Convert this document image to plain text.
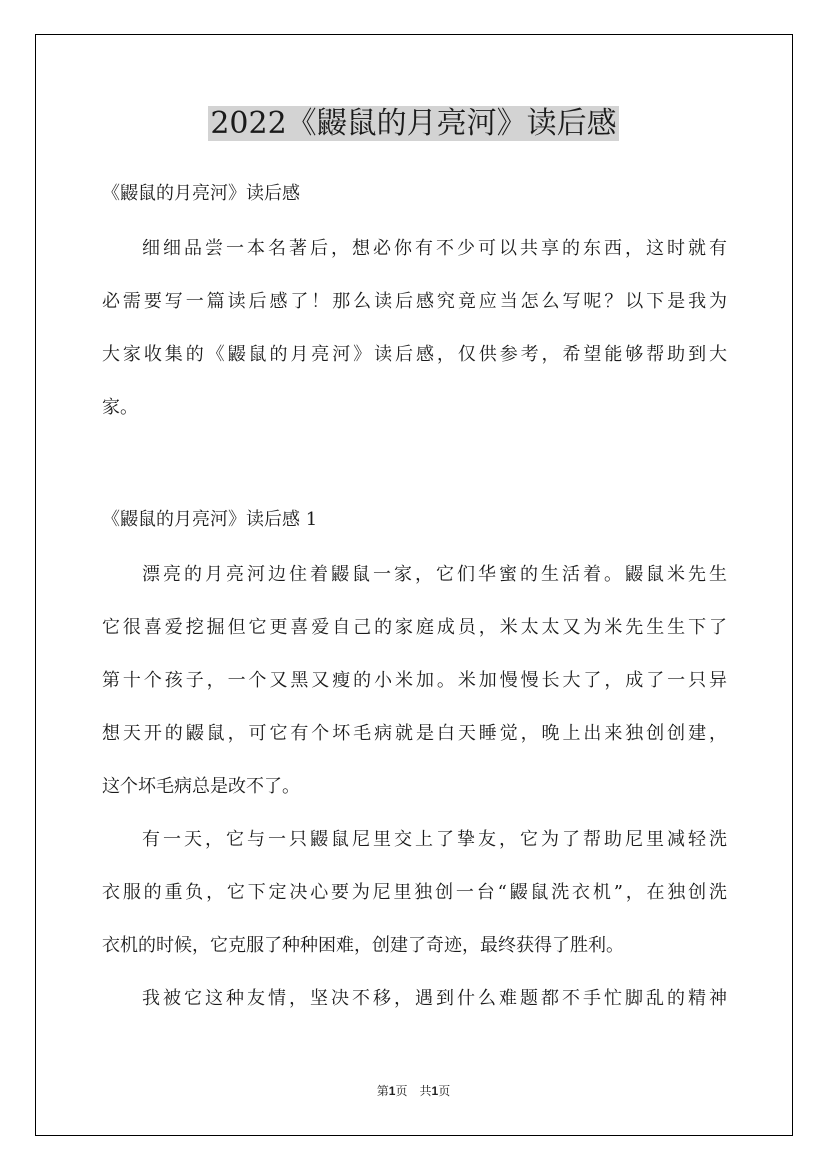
2022《鼹鼠的月亮河》读后感
《鼹鼠的月亮河》读后感
细细品尝一本名著后，想必你有不少可以共享的东西，这时就有
必需要写一篇读后感了！那么读后感究竟应当怎么写呢？以下是我为
大家收集的《鼹鼠的月亮河》读后感，仅供参考，希望能够帮助到大
家。
《鼹鼠的月亮河》读后感 1
漂亮的月亮河边住着鼹鼠一家，它们华蜜的生活着。鼹鼠米先生
它很喜爱挖掘但它更喜爱自己的家庭成员，米太太又为米先生生下了
第十个孩子，一个又黑又瘦的小米加。米加慢慢长大了，成了一只异
想天开的鼹鼠，可它有个坏毛病就是白天睡觉，晚上出来独创创建，
这个坏毛病总是改不了。
有一天，它与一只鼹鼠尼里交上了挚友，它为了帮助尼里减轻洗
衣服的重负，它下定决心要为尼里独创一台“鼹鼠洗衣机”，在独创洗
衣机的时候，它克服了种种困难，创建了奇迹，最终获得了胜利。
我被它这种友情，坚决不移，遇到什么难题都不手忙脚乱的精神
第1页　共1页
